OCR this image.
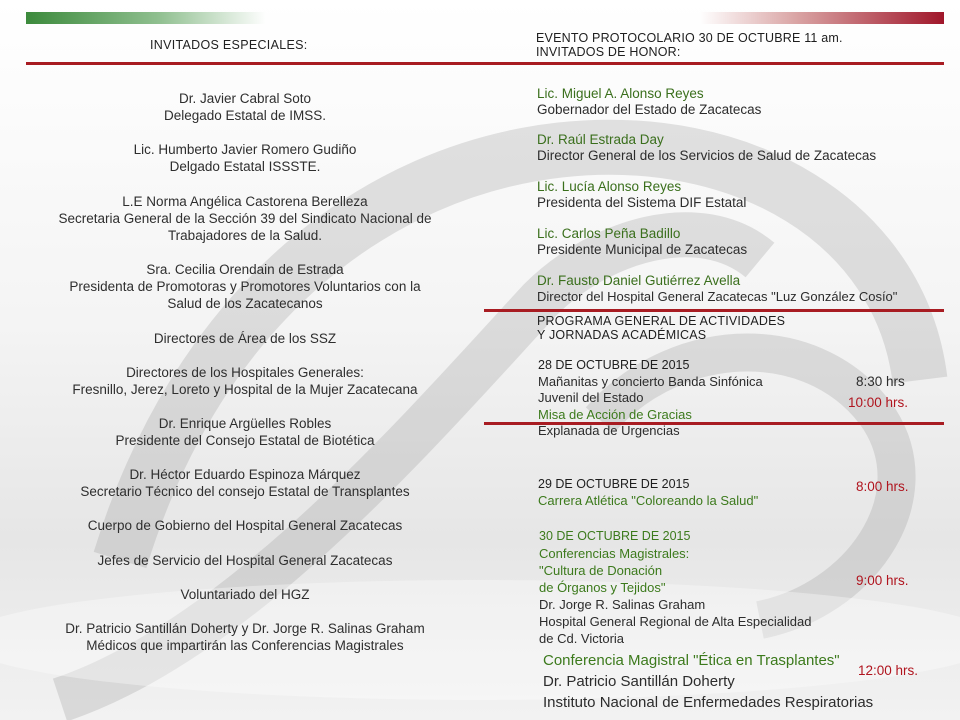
INVITADOS ESPECIALES:
Dr. Javier Cabral Soto
Delegado Estatal de IMSS.
Lic. Humberto Javier Romero Gudiño
Delgado Estatal ISSSTE.
L.E Norma Angélica Castorena Berelleza
Secretaria General de la Sección 39 del Sindicato Nacional de
Trabajadores de la Salud.
Sra. Cecilia Orendain de Estrada
Presidenta de Promotoras y Promotores Voluntarios con la
Salud de los Zacatecanos
Directores de Área de los SSZ
Directores de los Hospitales Generales:
Fresnillo, Jerez, Loreto y Hospital de la Mujer Zacatecana
Dr. Enrique Argüelles Robles
Presidente del Consejo Estatal de Biotética
Dr. Héctor Eduardo Espinoza Márquez
Secretario Técnico del consejo Estatal de Transplantes
Cuerpo de Gobierno del Hospital General Zacatecas
Jefes de Servicio del Hospital General Zacatecas
Voluntariado del HGZ
Dr. Patricio Santillán Doherty y Dr. Jorge R. Salinas Graham
Médicos que impartirán las Conferencias Magistrales
EVENTO PROTOCOLARIO 30 DE OCTUBRE 11 am.
INVITADOS DE HONOR:
Lic. Miguel A. Alonso Reyes
Gobernador del Estado de Zacatecas
Dr. Raúl Estrada Day
Director General de los Servicios de Salud de Zacatecas
Lic. Lucía Alonso Reyes
Presidenta del Sistema DIF Estatal
Lic. Carlos Peña Badillo
Presidente Municipal de Zacatecas
Dr. Fausto Daniel Gutiérrez Avella
Director del Hospital General Zacatecas "Luz González Cosío"
PROGRAMA GENERAL DE ACTIVIDADES
Y JORNADAS ACADÉMICAS
28 DE OCTUBRE DE 2015
Mañanitas y concierto Banda Sinfónica
Juvenil del Estado
Misa de Acción de Gracias
Explanada de Urgencias
8:30 hrs
10:00 hrs.
29 DE OCTUBRE DE 2015
Carrera Atlética "Coloreando la Salud"
8:00 hrs.
30 DE OCTUBRE DE 2015
Conferencias Magistrales:
"Cultura de Donación
de Órganos y Tejidos"
Dr. Jorge R. Salinas Graham
Hospital General Regional de Alta Especialidad
de Cd. Victoria
9:00 hrs.
Conferencia Magistral "Ética en Trasplantes"
Dr. Patricio Santillán Doherty
Instituto Nacional de Enfermedades Respiratorias
12:00 hrs.
